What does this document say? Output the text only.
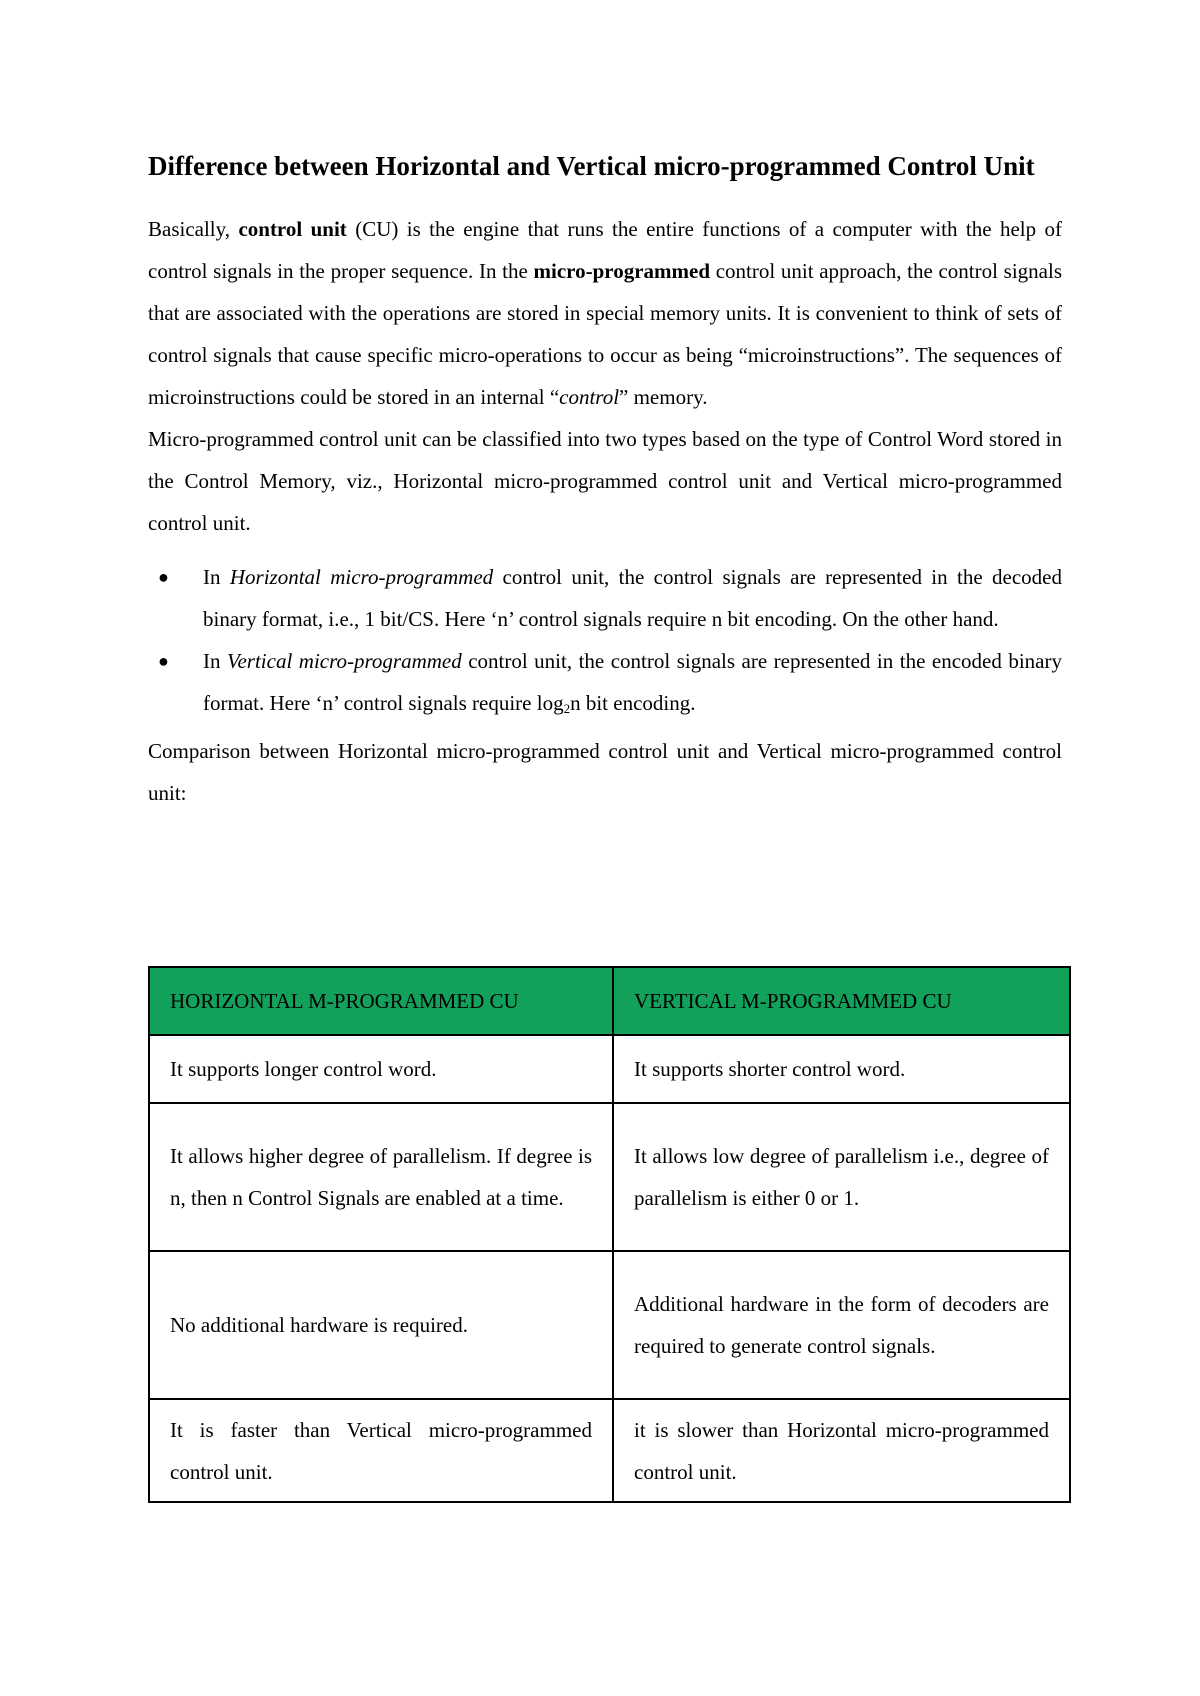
Difference between Horizontal and Vertical micro-programmed Control Unit

Basically, control unit (CU) is the engine that runs the entire functions of a computer with the help of control signals in the proper sequence. In the micro-programmed control unit approach, the control signals that are associated with the operations are stored in special memory units. It is convenient to think of sets of control signals that cause specific micro-operations to occur as being “microinstructions”. The sequences of microinstructions could be stored in an internal “control” memory.

Micro-programmed control unit can be classified into two types based on the type of Control Word stored in the Control Memory, viz., Horizontal micro-programmed control unit and Vertical micro-programmed control unit.

● In Horizontal micro-programmed control unit, the control signals are represented in the decoded binary format, i.e., 1 bit/CS. Here ‘n’ control signals require n bit encoding. On the other hand.
● In Vertical micro-programmed control unit, the control signals are represented in the encoded binary format. Here ‘n’ control signals require $\log_2n$ bit encoding.

Comparison between Horizontal micro-programmed control unit and Vertical micro-programmed control unit:

HORIZONTAL M-PROGRAMMED CU	VERTICAL M-PROGRAMMED CU
It supports longer control word.	It supports shorter control word.
It allows higher degree of parallelism. If degree is n, then n Control Signals are enabled at a time.	It allows low degree of parallelism i.e., degree of parallelism is either 0 or 1.
No additional hardware is required.	Additional hardware in the form of decoders are required to generate control signals.
It is faster than Vertical micro-programmed control unit.	it is slower than Horizontal micro-programmed control unit.
